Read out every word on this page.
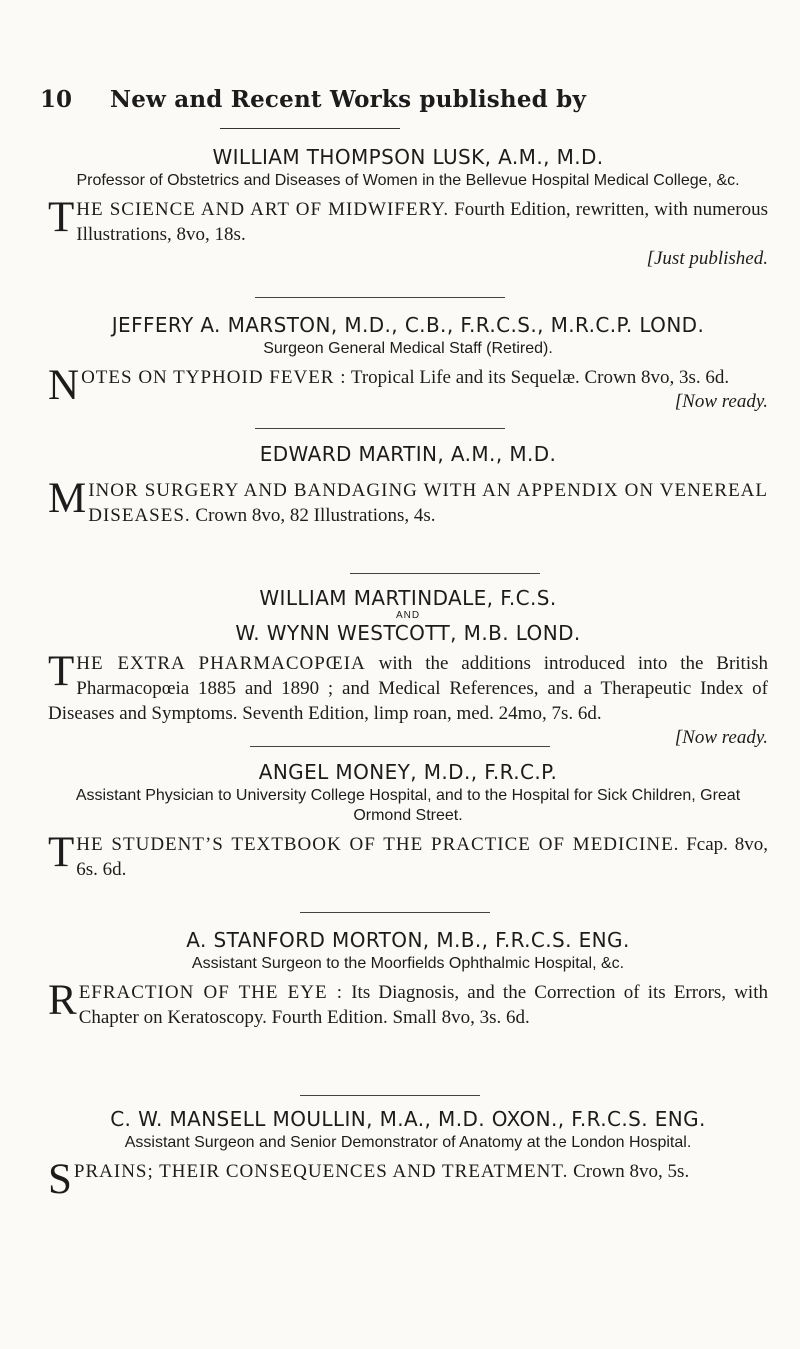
10 New and Recent Works published by

WILLIAM THOMPSON LUSK, A.M., M.D.

Professor of Obstetrics and Diseases of Women in the Bellevue Hospital Medical College, &c.

THE SCIENCE AND ART OF MIDWIFERY. Fourth Edition, rewritten, with numerous Illustrations, 8vo, 18s.

[Just published.

JEFFERY A. MARSTON, M.D., C.B., F.R.C.S., M.R.C.P. LOND.

Surgeon General Medical Staff (Retired).

NOTES ON TYPHOID FEVER : Tropical Life and its Sequelæ. Crown 8vo, 3s. 6d.

[Now ready.

EDWARD MARTIN, A.M., M.D.

MINOR SURGERY AND BANDAGING WITH AN APPENDIX ON VENEREAL DISEASES. Crown 8vo, 82 Illustrations, 4s.

WILLIAM MARTINDALE, F.C.S.

AND

W. WYNN WESTCOTT, M.B. LOND.

THE EXTRA PHARMACOPŒIA with the additions introduced into the British Pharmacopœia 1885 and 1890 ; and Medical References, and a Therapeutic Index of Diseases and Symptoms. Seventh Edition, limp roan, med. 24mo, 7s. 6d.

[Now ready.

ANGEL MONEY, M.D., F.R.C.P.

Assistant Physician to University College Hospital, and to the Hospital for Sick Children, Great Ormond Street.

THE STUDENT’S TEXTBOOK OF THE PRACTICE OF MEDICINE. Fcap. 8vo, 6s. 6d.

A. STANFORD MORTON, M.B., F.R.C.S. ENG.

Assistant Surgeon to the Moorfields Ophthalmic Hospital, &c.

REFRACTION OF THE EYE : Its Diagnosis, and the Correction of its Errors, with Chapter on Keratoscopy. Fourth Edition. Small 8vo, 3s. 6d.

C. W. MANSELL MOULLIN, M.A., M.D. OXON., F.R.C.S. ENG.

Assistant Surgeon and Senior Demonstrator of Anatomy at the London Hospital.

SPRAINS; THEIR CONSEQUENCES AND TREATMENT. Crown 8vo, 5s.
